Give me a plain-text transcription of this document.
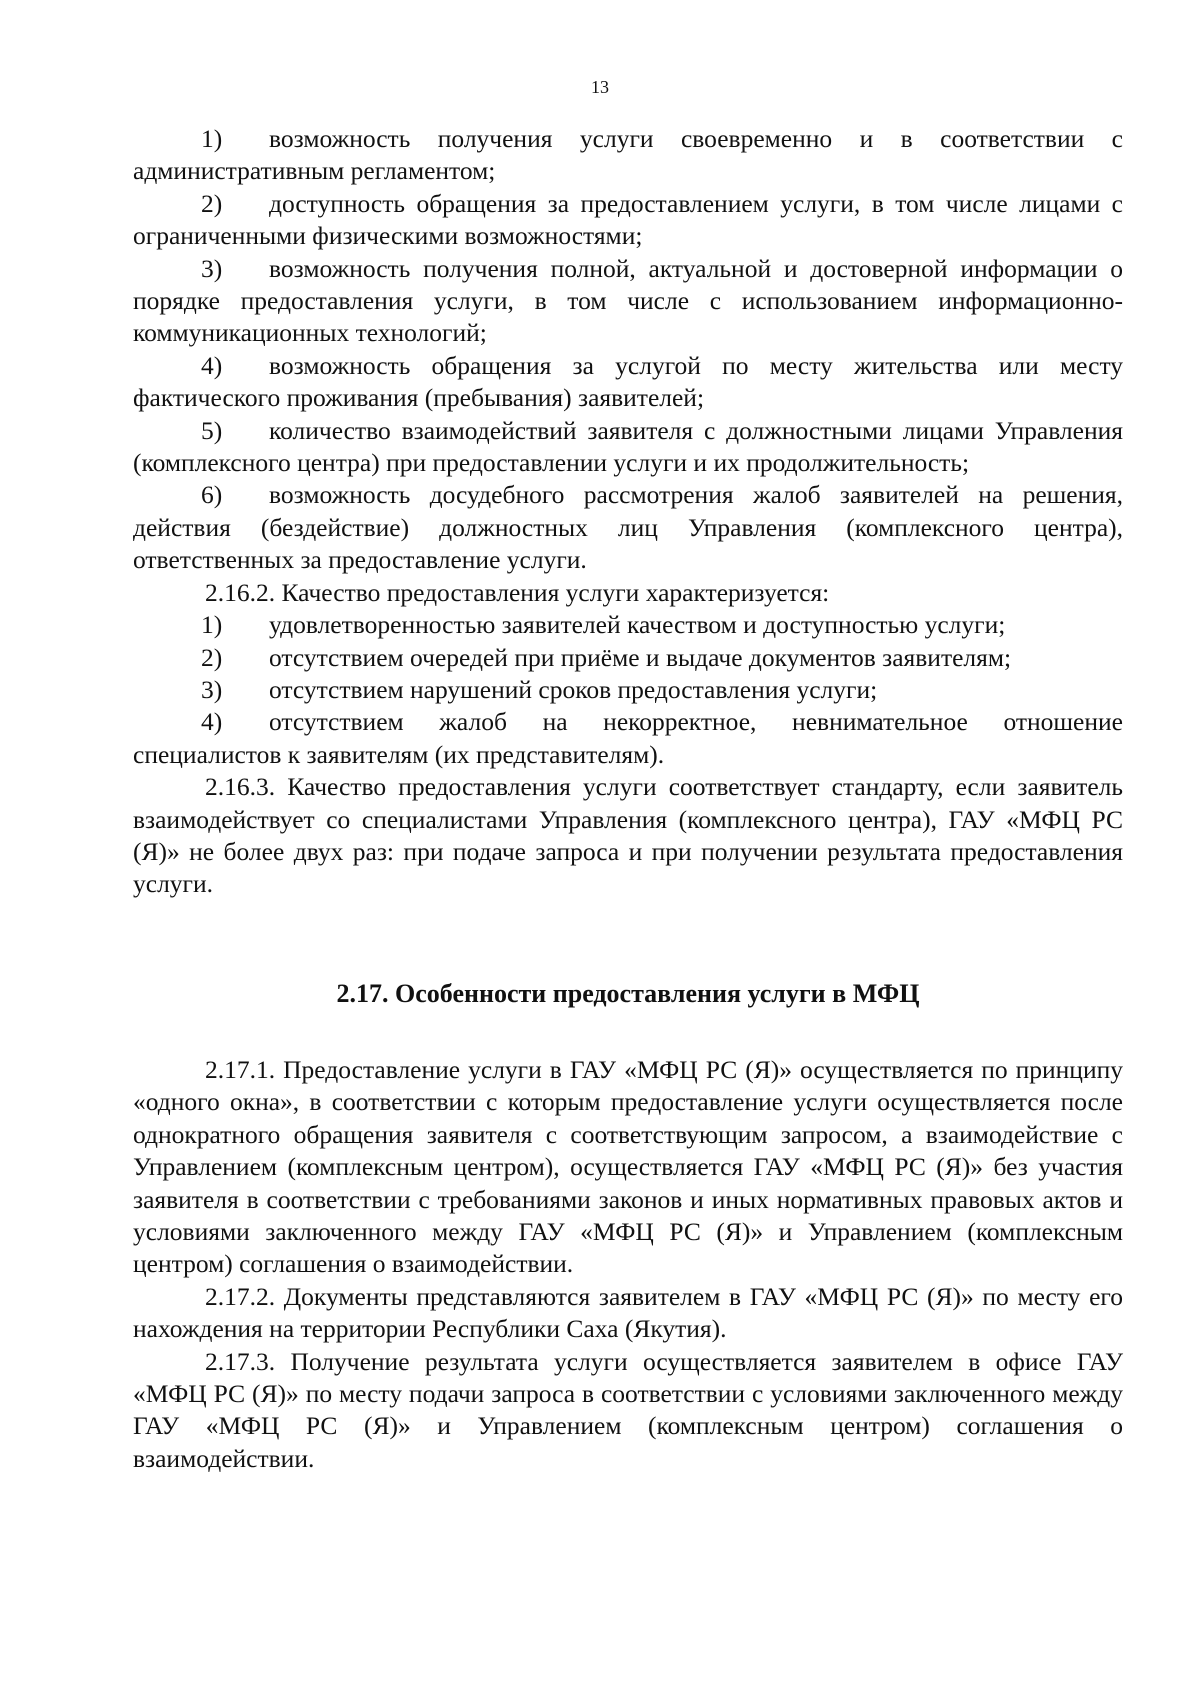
13

1) возможность получения услуги своевременно и в соответствии с административным регламентом;

2) доступность обращения за предоставлением услуги, в том числе лицами с ограниченными физическими возможностями;

3) возможность получения полной, актуальной и достоверной информации о порядке предоставления услуги, в том числе с использованием информационно-коммуникационных технологий;

4) возможность обращения за услугой по месту жительства или месту фактического проживания (пребывания) заявителей;

5) количество взаимодействий заявителя с должностными лицами Управления (комплексного центра) при предоставлении услуги и их продолжительность;

6) возможность досудебного рассмотрения жалоб заявителей на решения, действия (бездействие) должностных лиц Управления (комплексного центра), ответственных за предоставление услуги.

2.16.2. Качество предоставления услуги характеризуется:

1) удовлетворенностью заявителей качеством и доступностью услуги;

2) отсутствием очередей при приёме и выдаче документов заявителям;

3) отсутствием нарушений сроков предоставления услуги;

4) отсутствием жалоб на некорректное, невнимательное отношение специалистов к заявителям (их представителям).

2.16.3. Качество предоставления услуги соответствует стандарту, если заявитель взаимодействует со специалистами Управления (комплексного центра), ГАУ «МФЦ РС (Я)» не более двух раз: при подаче запроса и при получении результата предоставления услуги.

2.17. Особенности предоставления услуги в МФЦ

2.17.1. Предоставление услуги в ГАУ «МФЦ РС (Я)» осуществляется по принципу «одного окна», в соответствии с которым предоставление услуги осуществляется после однократного обращения заявителя с соответствующим запросом, а взаимодействие с Управлением (комплексным центром), осуществляется ГАУ «МФЦ РС (Я)» без участия заявителя в соответствии с требованиями законов и иных нормативных правовых актов и условиями заключенного между ГАУ «МФЦ РС (Я)» и Управлением (комплексным центром) соглашения о взаимодействии.

2.17.2. Документы представляются заявителем в ГАУ «МФЦ РС (Я)» по месту его нахождения на территории Республики Саха (Якутия).

2.17.3. Получение результата услуги осуществляется заявителем в офисе ГАУ «МФЦ РС (Я)» по месту подачи запроса в соответствии с условиями заключенного между ГАУ «МФЦ РС (Я)» и Управлением (комплексным центром) соглашения о взаимодействии.
